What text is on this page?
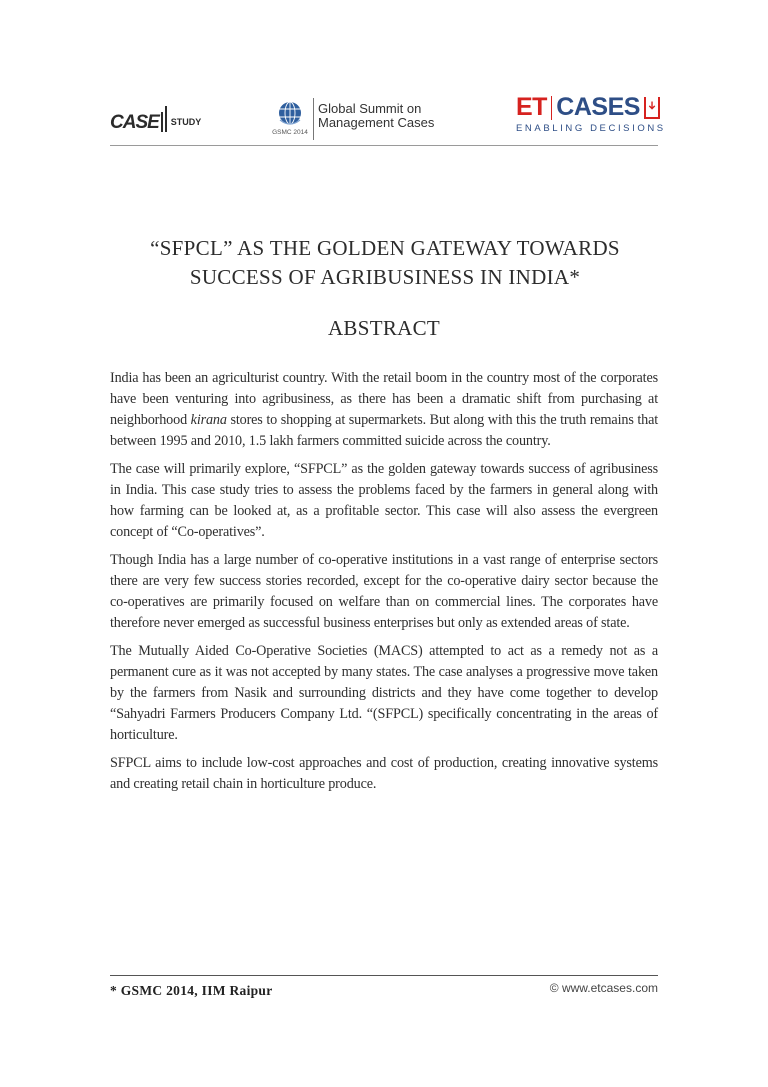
CASE STUDY
GSMC 2014
Global Summit on
Management Cases
ET CASES
ENABLING DECISIONS
“SFPCL” AS THE GOLDEN GATEWAY TOWARDS
SUCCESS OF AGRIBUSINESS IN INDIA*
ABSTRACT

India has been an agriculturist country. With the retail boom in the country most of the corporates have been venturing into agribusiness, as there has been a dramatic shift from purchasing at neighborhood kirana stores to shopping at supermarkets. But along with this the truth remains that between 1995 and 2010, 1.5 lakh farmers committed suicide across the country.

The case will primarily explore, “SFPCL” as the golden gateway towards success of agribusiness in India. This case study tries to assess the problems faced by the farmers in general along with how farming can be looked at, as a profitable sector. This case will also assess the evergreen concept of “Co-operatives”.

Though India has a large number of co-operative institutions in a vast range of enterprise sectors there are very few success stories recorded, except for the co-operative dairy sector because the co-operatives are primarily focused on welfare than on commercial lines. The corporates have therefore never emerged as successful business enterprises but only as extended areas of state.

The Mutually Aided Co-Operative Societies (MACS) attempted to act as a remedy not as a permanent cure as it was not accepted by many states. The case analyses a progressive move taken by the farmers from Nasik and surrounding districts and they have come together to develop “Sahyadri Farmers Producers Company Ltd. “(SFPCL) specifically concentrating in the areas of horticulture.

SFPCL aims to include low-cost approaches and cost of production, creating innovative systems and creating retail chain in horticulture produce.

* GSMC 2014, IIM Raipur	© www.etcases.com
